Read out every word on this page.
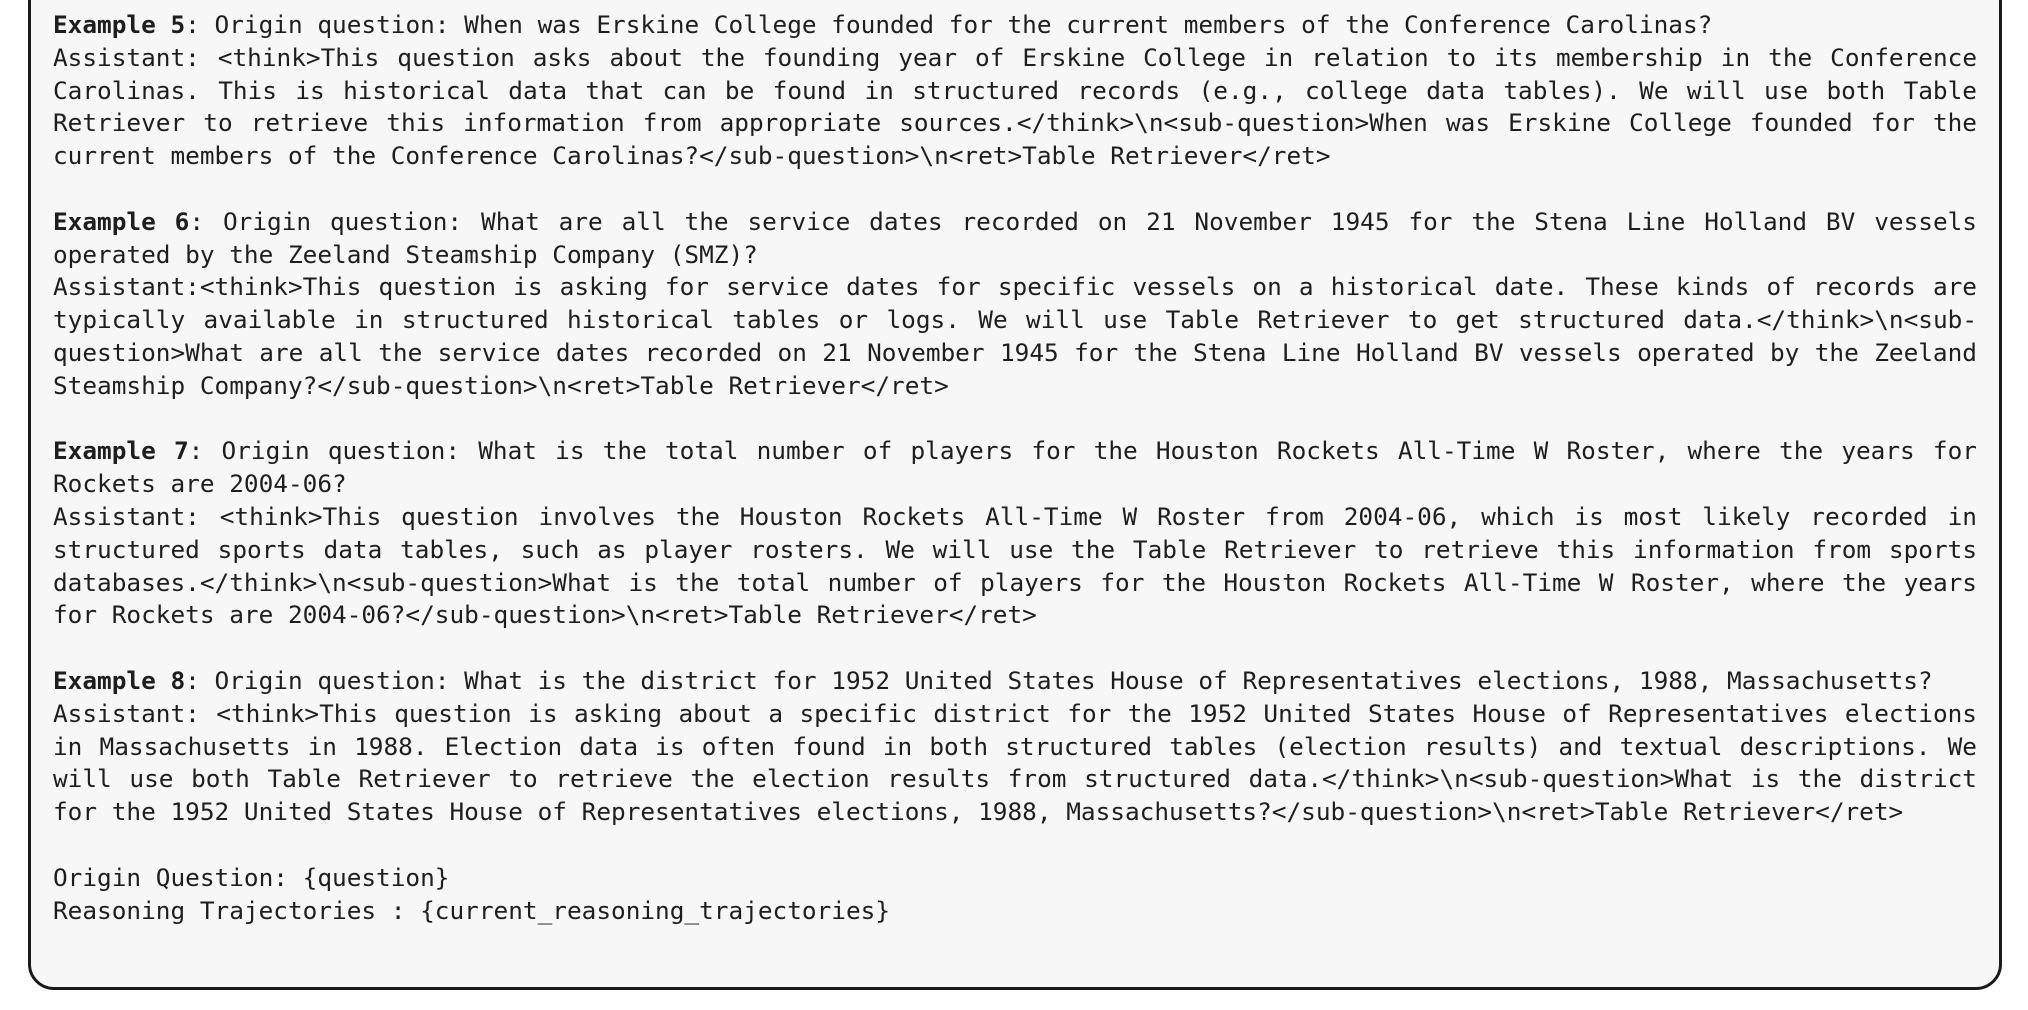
Example 5: Origin question: When was Erskine College founded for the current members of the Conference Carolinas?

Assistant: <think>This question asks about the founding year of Erskine College in relation to its membership in the Conference Carolinas. This is historical data that can be found in structured records (e.g., college data tables). We will use both Table Retriever to retrieve this information from appropriate sources.</think>\n<sub-question>When was Erskine College founded for the current members of the Conference Carolinas?</sub-question>\n<ret>Table Retriever</ret>

Example 6: Origin question: What are all the service dates recorded on 21 November 1945 for the Stena Line Holland BV vessels operated by the Zeeland Steamship Company (SMZ)?

Assistant:<think>This question is asking for service dates for specific vessels on a historical date. These kinds of records are typically available in structured historical tables or logs. We will use Table Retriever to get structured data.</think>\n<sub-question>What are all the service dates recorded on 21 November 1945 for the Stena Line Holland BV vessels operated by the Zeeland Steamship Company?</sub-question>\n<ret>Table Retriever</ret>

Example 7: Origin question: What is the total number of players for the Houston Rockets All-Time W Roster, where the years for Rockets are 2004-06?

Assistant: <think>This question involves the Houston Rockets All-Time W Roster from 2004-06, which is most likely recorded in structured sports data tables, such as player rosters. We will use the Table Retriever to retrieve this information from sports databases.</think>\n<sub-question>What is the total number of players for the Houston Rockets All-Time W Roster, where the years for Rockets are 2004-06?</sub-question>\n<ret>Table Retriever</ret>

Example 8: Origin question: What is the district for 1952 United States House of Representatives elections, 1988, Massachusetts?

Assistant: <think>This question is asking about a specific district for the 1952 United States House of Representatives elections in Massachusetts in 1988. Election data is often found in both structured tables (election results) and textual descriptions. We will use both Table Retriever to retrieve the election results from structured data.</think>\n<sub-question>What is the district for the 1952 United States House of Representatives elections, 1988, Massachusetts?</sub-question>\n<ret>Table Retriever</ret>

Origin Question: {question}

Reasoning Trajectories : {current_reasoning_trajectories}
